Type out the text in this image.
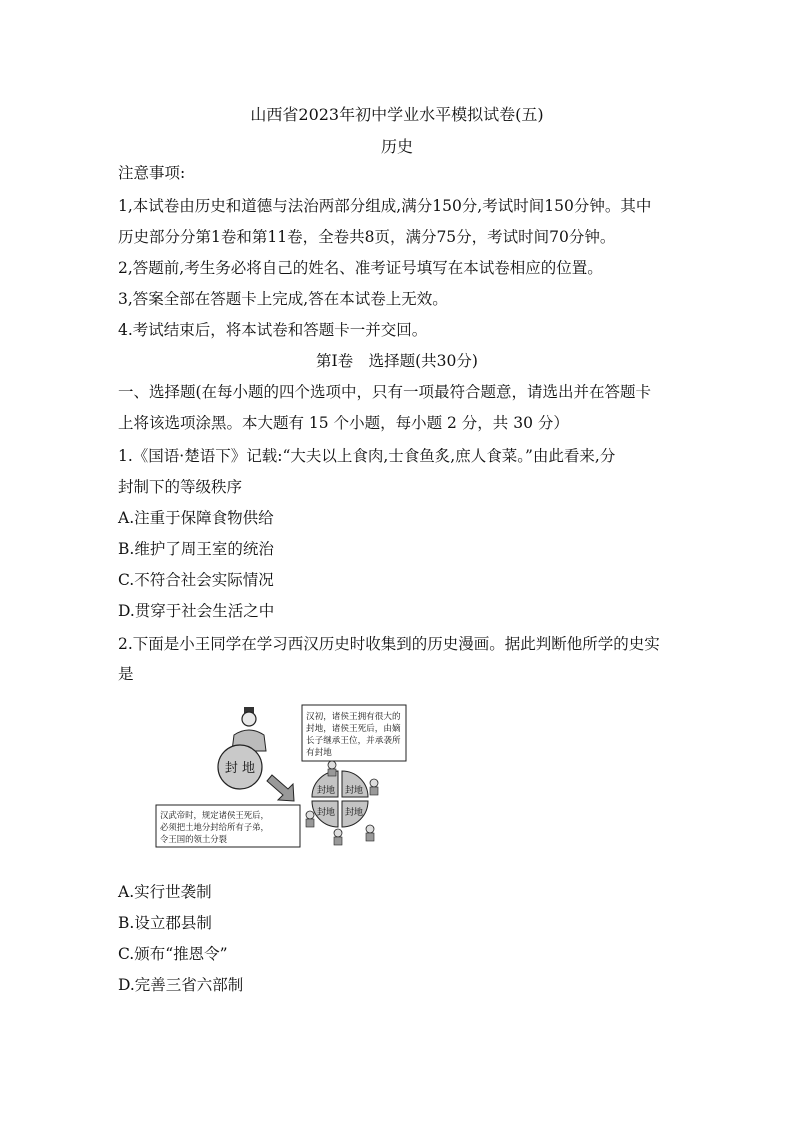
山西省2023年初中学业水平模拟试卷(五)
历史
注意事项:
1,本试卷由历史和道德与法治两部分组成,满分150分,考试时间150分钟。其中
历史部分分第1卷和第11卷，全卷共8页，满分75分，考试时间70分钟。
2,答题前,考生务必将自己的姓名、准考证号填写在本试卷相应的位置。
3,答案全部在答题卡上完成,答在本试卷上无效。
4.考试结束后，将本试卷和答题卡一并交回。
第Ⅰ卷　选择题(共30分)
一、选择题(在每小题的四个选项中，只有一项最符合题意，请选出并在答题卡
上将该选项涂黑。本大题有 15 个小题，每小题 2 分，共 30 分）
1.《国语·楚语下》记载:“大夫以上食肉,士食鱼炙,庶人食菜。”由此看来,分
封制下的等级秩序
A.注重于保障食物供给
B.维护了周王室的统治
C.不符合社会实际情况
D.贯穿于社会生活之中
2.下面是小王同学在学习西汉历史时收集到的历史漫画。据此判断他所学的史实
是
封 地
汉初，诸侯王拥有很大的
封地，诸侯王死后，由嫡
长子继承王位，并承袭所
有封地
封地 封地
封地 封地
汉武帝时，规定诸侯王死后，
必须把土地分封给所有子弟，
令王国的领土分裂
A.实行世袭制
B.设立郡县制
C.颁布“推恩令”
D.完善三省六部制
